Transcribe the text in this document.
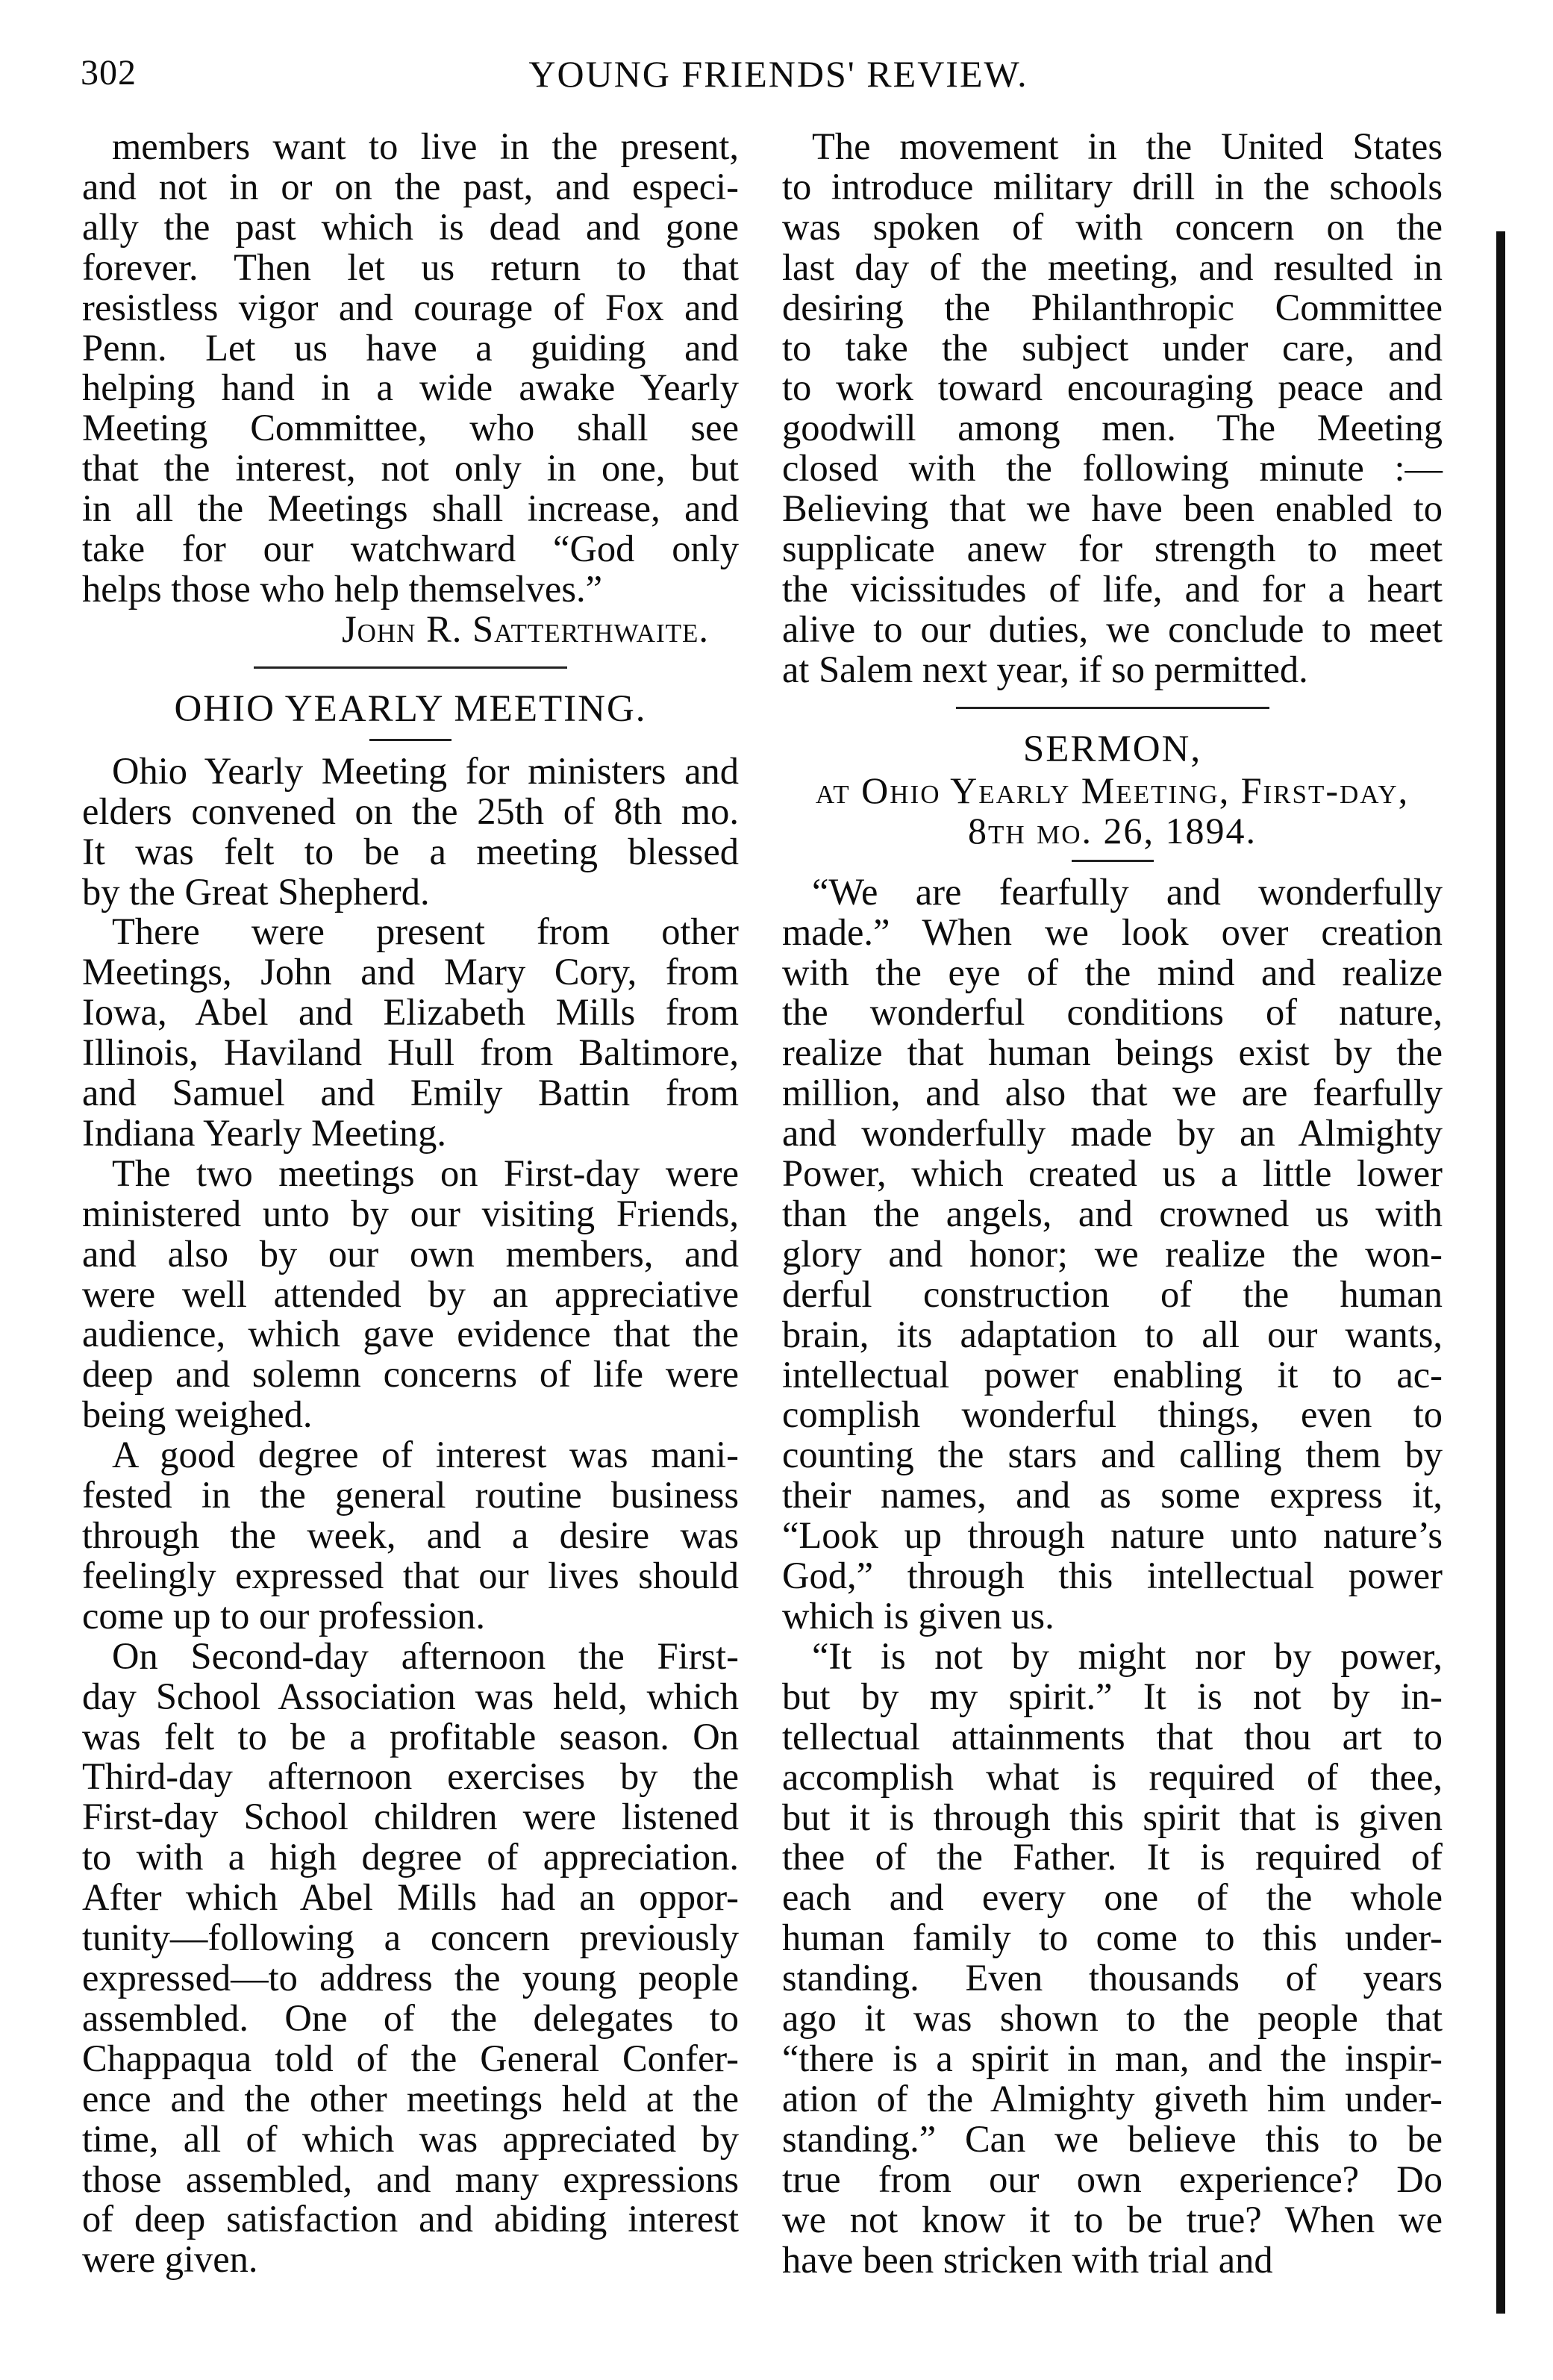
302	YOUNG FRIENDS' REVIEW.
members want to live in the present,
and not in or on the past, and especi-
ally the past which is dead and gone
forever. Then let us return to that
resistless vigor and courage of Fox and
Penn. Let us have a guiding and
helping hand in a wide awake Yearly
Meeting Committee, who shall see
that the interest, not only in one, but
in all the Meetings shall increase, and
take for our watchward “God only
helps those who help themselves.”
John R. Satterthwaite.
OHIO YEARLY MEETING.
Ohio Yearly Meeting for ministers and
elders convened on the 25th of 8th mo.
It was felt to be a meeting blessed
by the Great Shepherd.
There were present from other
Meetings, John and Mary Cory, from
Iowa, Abel and Elizabeth Mills from
Illinois, Haviland Hull from Baltimore,
and Samuel and Emily Battin from
Indiana Yearly Meeting.
The two meetings on First-day were
ministered unto by our visiting Friends,
and also by our own members, and
were well attended by an appreciative
audience, which gave evidence that the
deep and solemn concerns of life were
being weighed.
A good degree of interest was mani-
fested in the general routine business
through the week, and a desire was
feelingly expressed that our lives should
come up to our profession.
On Second-day afternoon the First-
day School Association was held, which
was felt to be a profitable season. On
Third-day afternoon exercises by the
First-day School children were listened
to with a high degree of appreciation.
After which Abel Mills had an oppor-
tunity—following a concern previously
expressed—to address the young people
assembled. One of the delegates to
Chappaqua told of the General Confer-
ence and the other meetings held at the
time, all of which was appreciated by
those assembled, and many expressions
of deep satisfaction and abiding interest
were given.
The movement in the United States
to introduce military drill in the schools
was spoken of with concern on the
last day of the meeting, and resulted in
desiring the Philanthropic Committee
to take the subject under care, and
to work toward encouraging peace and
goodwill among men. The Meeting
closed with the following minute :—
Believing that we have been enabled to
supplicate anew for strength to meet
the vicissitudes of life, and for a heart
alive to our duties, we conclude to meet
at Salem next year, if so permitted.
SERMON,
at Ohio Yearly Meeting, First-day,
8th mo. 26, 1894.
“We are fearfully and wonderfully
made.” When we look over creation
with the eye of the mind and realize
the wonderful conditions of nature,
realize that human beings exist by the
million, and also that we are fearfully
and wonderfully made by an Almighty
Power, which created us a little lower
than the angels, and crowned us with
glory and honor; we realize the won-
derful construction of the human
brain, its adaptation to all our wants,
intellectual power enabling it to ac-
complish wonderful things, even to
counting the stars and calling them by
their names, and as some express it,
“Look up through nature unto nature’s
God,” through this intellectual power
which is given us.
“It is not by might nor by power,
but by my spirit.” It is not by in-
tellectual attainments that thou art to
accomplish what is required of thee,
but it is through this spirit that is given
thee of the Father. It is required of
each and every one of the whole
human family to come to this under-
standing. Even thousands of years
ago it was shown to the people that
“there is a spirit in man, and the inspir-
ation of the Almighty giveth him under-
standing.” Can we believe this to be
true from our own experience? Do
we not know it to be true? When we
have been stricken with trial and
